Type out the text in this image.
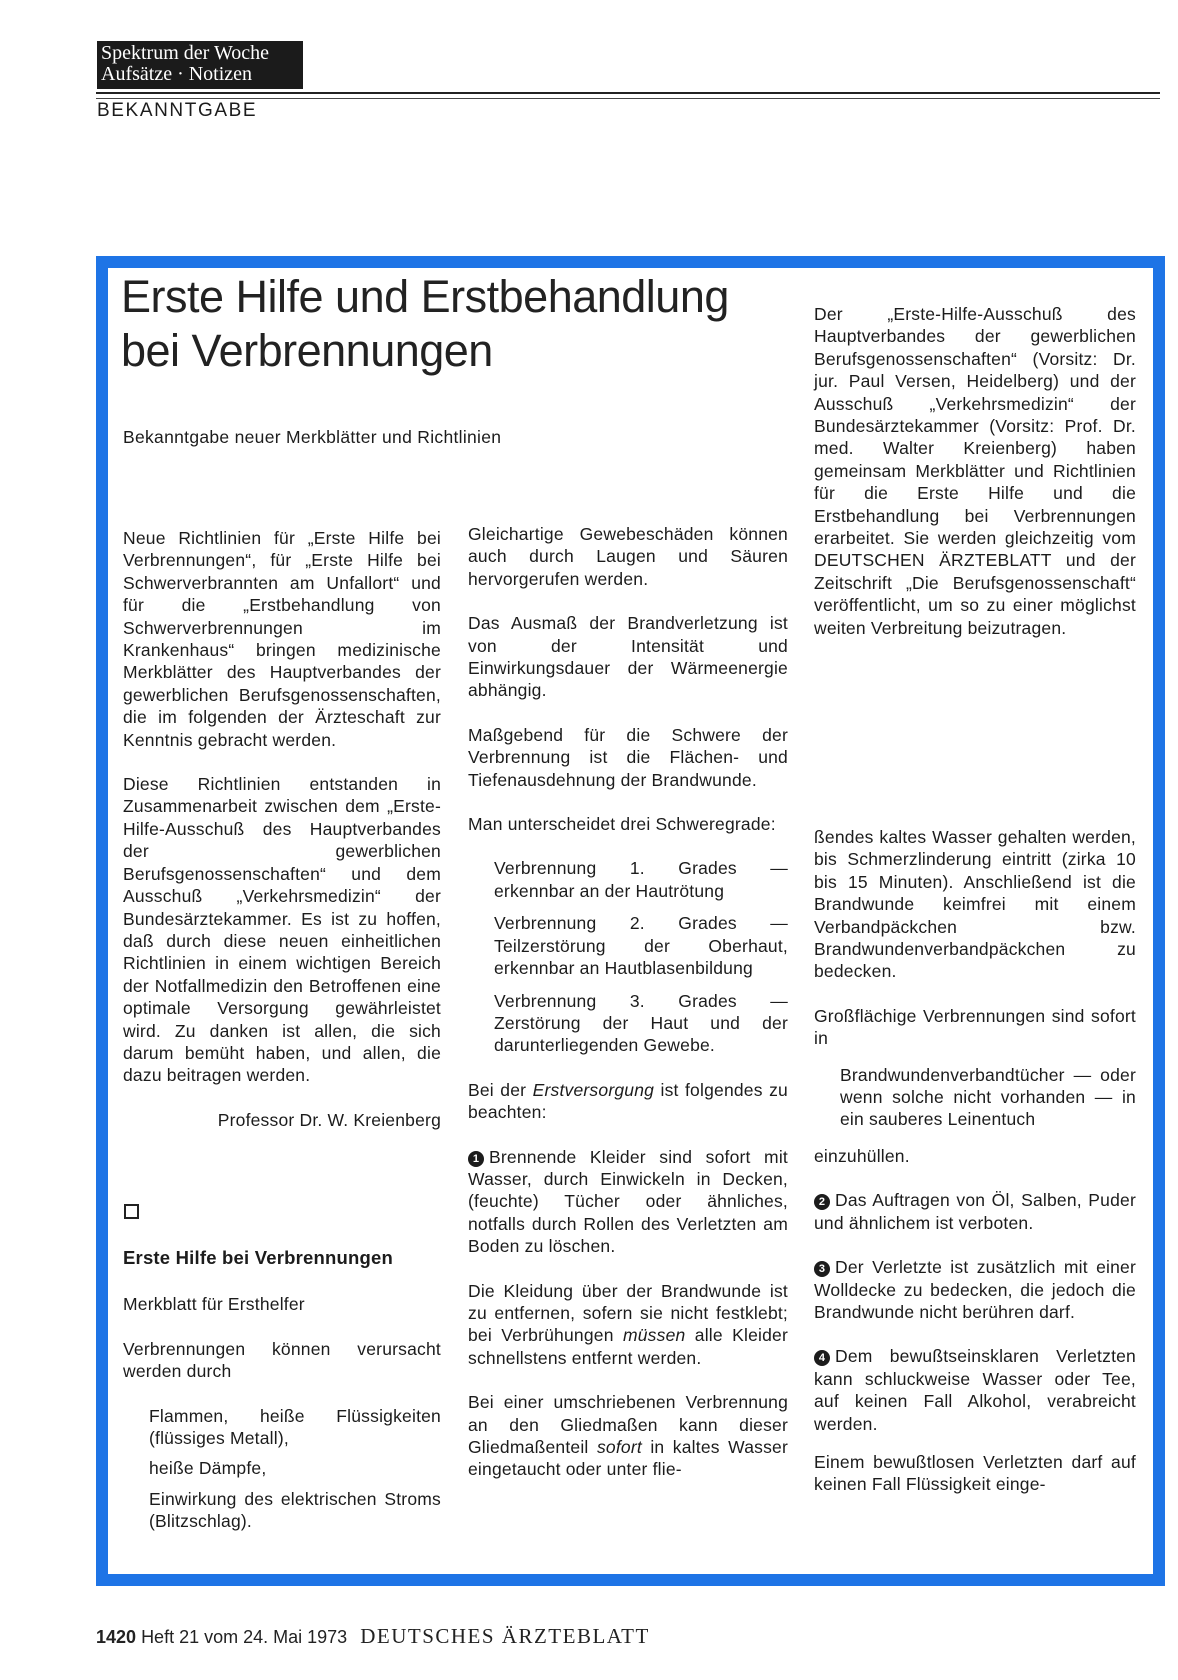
Spektrum der Woche
Aufsätze · Notizen
BEKANNTGABE
Erste Hilfe und Erstbehandlung
bei Verbrennungen
Bekanntgabe neuer Merkblätter und Richtlinien

Neue Richtlinien für „Erste Hilfe bei Verbrennungen“, für „Erste Hilfe bei Schwerverbrannten am Unfallort“ und für die „Erstbehandlung von Schwerverbrennungen im Krankenhaus“ bringen medizinische Merkblätter des Hauptverbandes der gewerblichen Berufsgenossenschaften, die im folgenden der Ärzteschaft zur Kenntnis gebracht werden.

Diese Richtlinien entstanden in Zusammenarbeit zwischen dem „Erste-Hilfe-Ausschuß des Hauptverbandes der gewerblichen Berufsgenossenschaften“ und dem Ausschuß „Verkehrsmedizin“ der Bundesärztekammer. Es ist zu hoffen, daß durch diese neuen einheitlichen Richtlinien in einem wichtigen Bereich der Notfallmedizin den Betroffenen eine optimale Versorgung gewährleistet wird. Zu danken ist allen, die sich darum bemüht haben, und allen, die dazu beitragen werden.

Professor Dr. W. Kreienberg

Erste Hilfe bei Verbrennungen

Merkblatt für Ersthelfer

Verbrennungen können verursacht werden durch

Flammen, heiße Flüssigkeiten (flüssiges Metall),

heiße Dämpfe,

Einwirkung des elektrischen Stroms (Blitzschlag).

Gleichartige Gewebeschäden können auch durch Laugen und Säuren hervorgerufen werden.

Das Ausmaß der Brandverletzung ist von der Intensität und Einwirkungsdauer der Wärmeenergie abhängig.

Maßgebend für die Schwere der Verbrennung ist die Flächen- und Tiefenausdehnung der Brandwunde.

Man unterscheidet drei Schweregrade:

Verbrennung 1. Grades — erkennbar an der Hautrötung

Verbrennung 2. Grades — Teilzerstörung der Oberhaut, erkennbar an Hautblasenbildung

Verbrennung 3. Grades — Zerstörung der Haut und der darunterliegenden Gewebe.

Bei der Erstversorgung ist folgendes zu beachten:

1 Brennende Kleider sind sofort mit Wasser, durch Einwickeln in Decken, (feuchte) Tücher oder ähnliches, notfalls durch Rollen des Verletzten am Boden zu löschen.

Die Kleidung über der Brandwunde ist zu entfernen, sofern sie nicht festklebt; bei Verbrühungen müssen alle Kleider schnellstens entfernt werden.

Bei einer umschriebenen Verbrennung an den Gliedmaßen kann dieser Gliedmaßenteil sofort in kaltes Wasser eingetaucht oder unter flie-

Der „Erste-Hilfe-Ausschuß des Hauptverbandes der gewerblichen Berufsgenossenschaften“ (Vorsitz: Dr. jur. Paul Versen, Heidelberg) und der Ausschuß „Verkehrsmedizin“ der Bundesärztekammer (Vorsitz: Prof. Dr. med. Walter Kreienberg) haben gemeinsam Merkblätter und Richtlinien für die Erste Hilfe und die Erstbehandlung bei Verbrennungen erarbeitet. Sie werden gleichzeitig vom DEUTSCHEN ÄRZTEBLATT und der Zeitschrift „Die Berufsgenossenschaft“ veröffentlicht, um so zu einer möglichst weiten Verbreitung beizutragen.

ßendes kaltes Wasser gehalten werden, bis Schmerzlinderung eintritt (zirka 10 bis 15 Minuten). Anschließend ist die Brandwunde keimfrei mit einem Verbandpäckchen bzw. Brandwundenverbandpäckchen zu bedecken.

Großflächige Verbrennungen sind sofort in

Brandwundenverbandtücher — oder wenn solche nicht vorhanden — in ein sauberes Leinentuch

einzuhüllen.

2 Das Auftragen von Öl, Salben, Puder und ähnlichem ist verboten.

3 Der Verletzte ist zusätzlich mit einer Wolldecke zu bedecken, die jedoch die Brandwunde nicht berühren darf.

4 Dem bewußtseinsklaren Verletzten kann schluckweise Wasser oder Tee, auf keinen Fall Alkohol, verabreicht werden.

Einem bewußtlosen Verletzten darf auf keinen Fall Flüssigkeit einge-

1420 Heft 21 vom 24. Mai 1973 DEUTSCHES ÄRZTEBLATT
